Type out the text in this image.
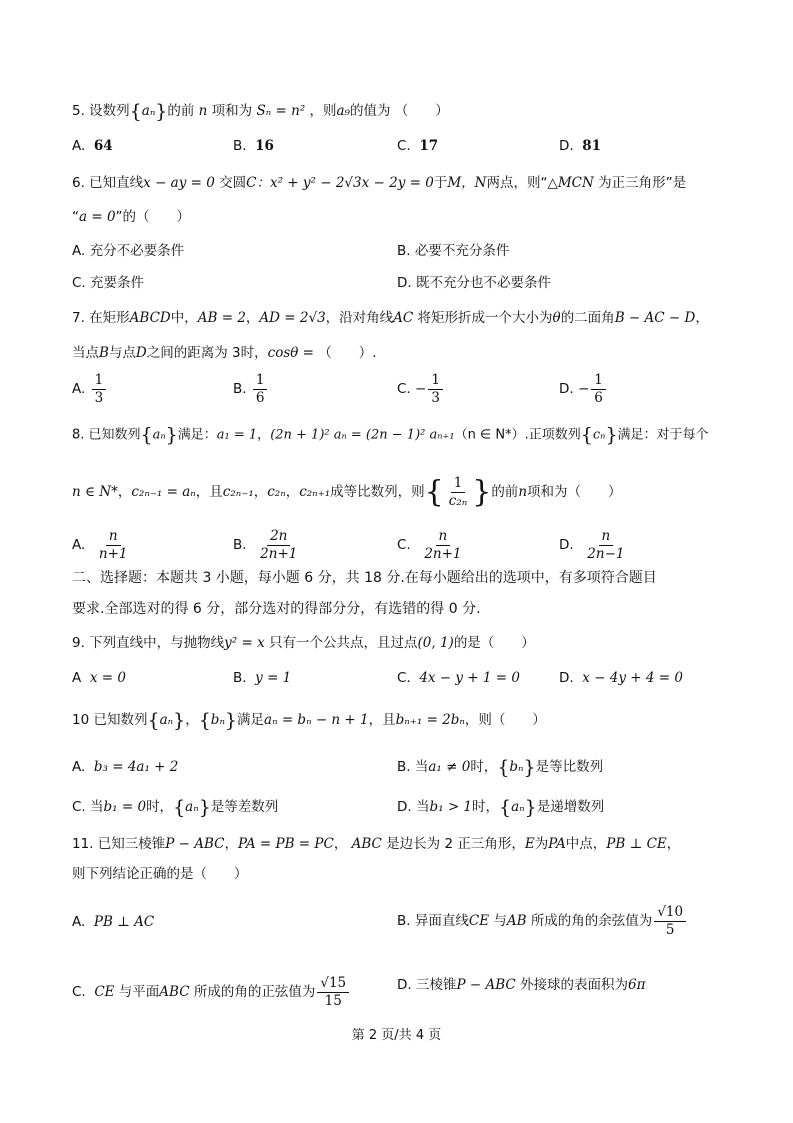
5. 设数列{aₙ}的前 n 项和为 Sₙ = n² ，则a₉的值为 （　　）
A. 64	B. 16	C. 17	D. 81
6. 已知直线x − ay = 0 交圆C：x² + y² − 2√3x − 2y = 0于M，N两点，则“△MCN 为正三角形”是
“a = 0”的（　　）
A. 充分不必要条件	B. 必要不充分条件
C. 充要条件	D. 既不充分也不必要条件
7. 在矩形ABCD中，AB = 2，AD = 2√3，沿对角线AC 将矩形折成一个大小为θ的二面角B − AC − D，
当点B与点D之间的距离为 3时，cosθ = （　　）.
A. $\frac{1}{3}$	B. $\frac{1}{6}$	C. − $\frac{1}{3}$	D. − $\frac{1}{6}$
8. 已知数列{aₙ}满足：a₁ = 1，(2n + 1)² aₙ = (2n − 1)² aₙ₊₁（n ∈ N*）.正项数列{cₙ}满足：对于每个
n ∈ N*，c₂ₙ₋₁ = aₙ，且c₂ₙ₋₁，c₂ₙ，c₂ₙ₊₁成等比数列，则{ $\frac{1}{\text{c₂ₙ}}$ }的前n项和为（　　）
A. $\frac{n}{n+1}$	B. $\frac{2n}{2n+1}$	C. $\frac{n}{2n+1}$	D. $\frac{n}{2n-1}$
二、选择题：本题共 3 小题，每小题 6 分，共 18 分.在每小题给出的选项中，有多项符合题目
要求.全部选对的得 6 分，部分选对的得部分分，有选错的得 0 分.
9. 下列直线中，与抛物线y² = x 只有一个公共点，且过点(0, 1)的是（　　）
A x = 0	B. y = 1	C. 4x − y + 1 = 0	D. x − 4y + 4 = 0
10 已知数列{aₙ}，{bₙ}满足aₙ = bₙ − n + 1，且bₙ₊₁ = 2bₙ，则（　　）
A. b₃ = 4a₁ + 2	B. 当a₁ ≠ 0时，{bₙ}是等比数列
C. 当b₁ = 0时，{aₙ}是等差数列	D. 当b₁ > 1时，{aₙ}是递增数列
11. 已知三棱锥P − ABC，PA = PB = PC， ABC 是边长为 2 正三角形，E为PA中点，PB ⊥ CE，
则下列结论正确的是（　　）
A. PB ⊥ AC	B. 异面直线CE 与AB 所成的角的余弦值为 $\frac{√10}{5}$
C. CE 与平面ABC 所成的角的正弦值为 $\frac{√15}{15}$	D. 三棱锥P − ABC 外接球的表面积为6π
第 2 页/共 4 页
